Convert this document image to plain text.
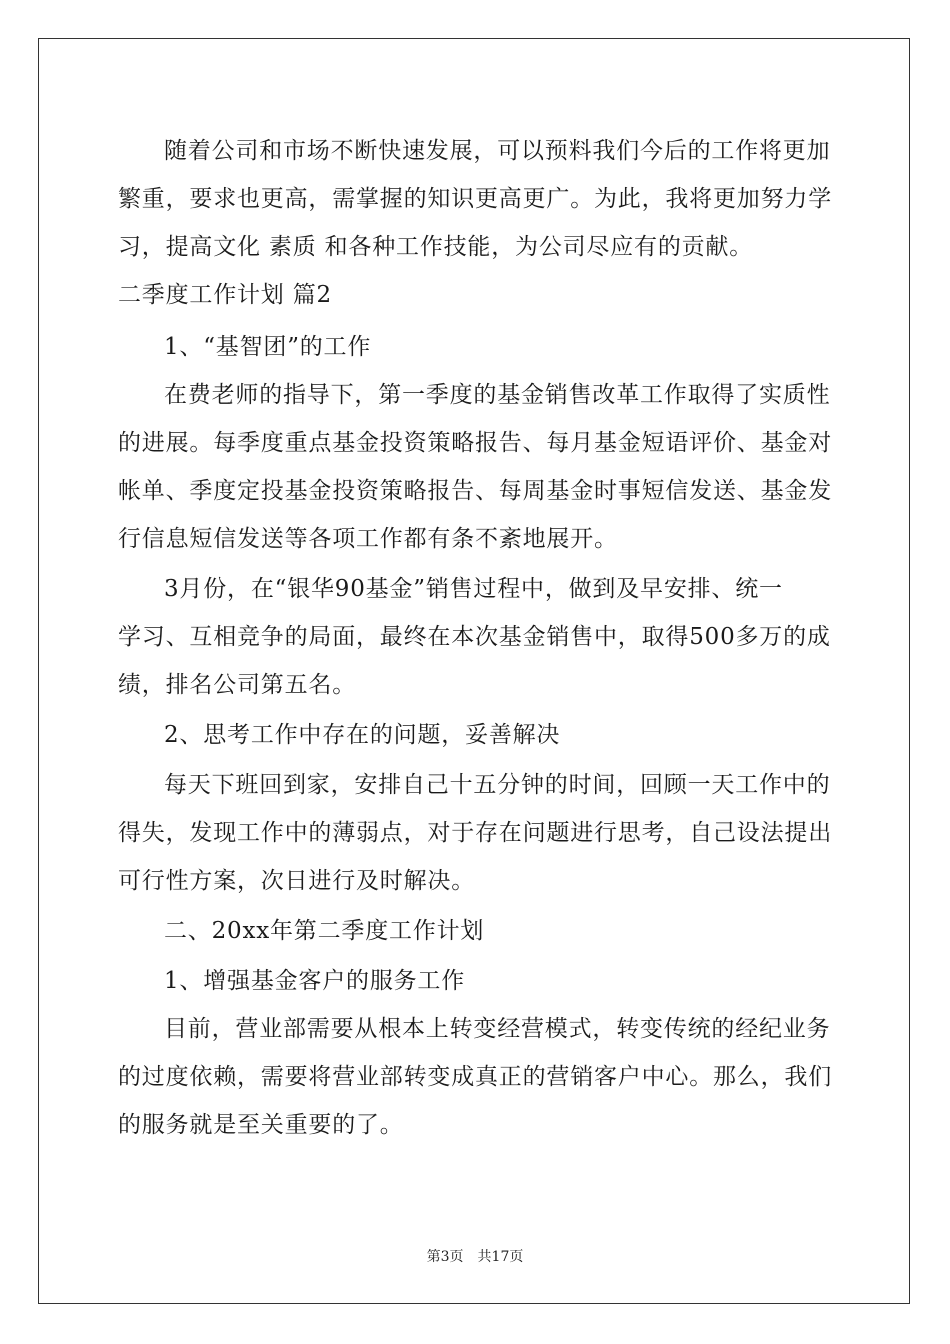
随着公司和市场不断快速发展，可以预料我们今后的工作将更加
繁重，要求也更高，需掌握的知识更高更广。为此，我将更加努力学
习，提高文化 素质 和各种工作技能，为公司尽应有的贡献。
二季度工作计划 篇2
1、“基智团”的工作
在费老师的指导下，第一季度的基金销售改革工作取得了实质性
的进展。每季度重点基金投资策略报告、每月基金短语评价、基金对
帐单、季度定投基金投资策略报告、每周基金时事短信发送、基金发
行信息短信发送等各项工作都有条不紊地展开。
3月份，在“银华90基金”销售过程中，做到及早安排、统一
学习、互相竞争的局面，最终在本次基金销售中，取得500多万的成
绩，排名公司第五名。
2、思考工作中存在的问题，妥善解决
每天下班回到家，安排自己十五分钟的时间，回顾一天工作中的
得失，发现工作中的薄弱点，对于存在问题进行思考，自己设法提出
可行性方案，次日进行及时解决。
二、20xx年第二季度工作计划
1、增强基金客户的服务工作
目前，营业部需要从根本上转变经营模式，转变传统的经纪业务
的过度依赖，需要将营业部转变成真正的营销客户中心。那么，我们
的服务就是至关重要的了。
第3页 共17页
